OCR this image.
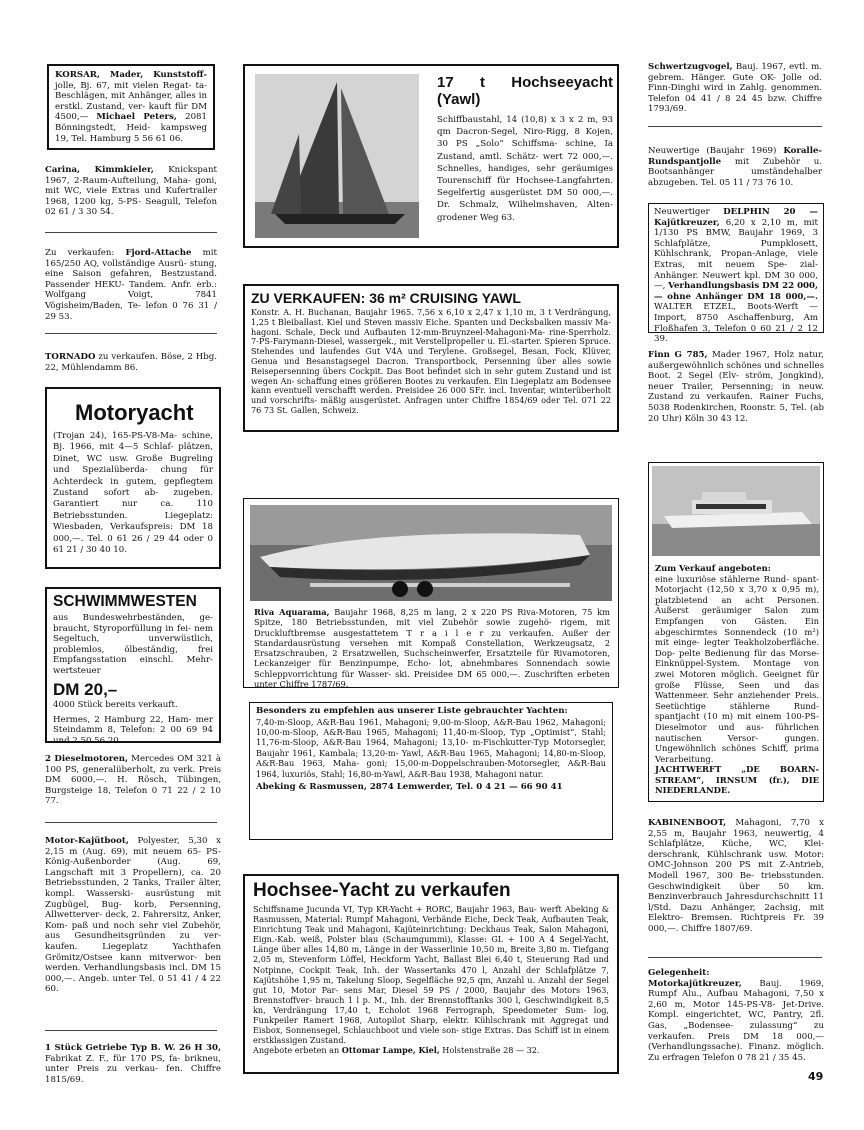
KORSAR, Mader, Kunststoff- jolle, Bj. 67, mit vielen Regat- ta-Beschlägen, mit Anhänger, alles in erstkl. Zustand, ver- kauft für DM 4500,— Michael Peters, 2081 Bönningstedt, Heid- kampsweg 19, Tel. Hamburg 5 56 61 06.
Carina, Kimmkieler, Knickspant 1967, 2-Raum-Aufteilung, Maha- goni, mit WC, viele Extras und Kufertrailer 1968, 1200 kg, 5-PS- Seagull, Telefon 02 61 / 3 30 54.
Zu verkaufen: Fjord-Attache mit 165/250 AQ, vollständige Ausrü- stung, eine Saison gefahren, Bestzustand. Passender HEKU- Tandem. Anfr. erb.: Wolfgang Voigt, 7841 Vögisheim/Baden, Te- lefon 0 76 31 / 29 53.
TORNADO zu verkaufen. Böse, 2 Hbg. 22, Mühlendamm 86.
Motoryacht

(Trojan 24), 165-PS-V8-Ma- schine, Bj. 1966, mit 4—5 Schlaf- plätzen, Dinet, WC usw. Große Bugreling und Spezialüberda- chung für Achterdeck in gutem, gepflegtem Zustand sofort ab- zugeben. Garantiert nur ca. 110 Betriebsstunden. Liegeplatz: Wiesbaden, Verkaufspreis: DM 18 000,—. Tel. 0 61 26 / 29 44 oder 0 61 21 / 30 40 10.

SCHWIMMWESTEN

aus Bundeswehrbeständen, ge- braucht, Styroporfüllung in fei- nem Segeltuch, unverwüstlich, problemlos, ölbeständig, frei Empfangsstation einschl. Mehr- wertsteuer

DM 20,–

4000 Stück bereits verkauft.

Hermes, 2 Hamburg 22, Ham- mer Steindamm 8, Telefon: 2 00 69 94 und 2 50 56 20.

2 Dieselmotoren, Mercedes OM 321 à 100 PS, generalüberholt, zu verk. Preis DM 6000,—. H. Rösch, Tübingen, Burgsteige 18, Telefon 0 71 22 / 2 10 77.
Motor-Kajütboot, Polyester, 5,30 x 2,15 m (Aug. 69), mit neuem 65- PS-König-Außenborder (Aug. 69, Langschaft mit 3 Propellern), ca. 20 Betriebsstunden, 2 Tanks, Trailer älter, kompl. Wasserski- ausrüstung mit Zugbügel, Bug- korb, Persenning, Allwetterver- deck, 2. Fahrersitz, Anker, Kom- paß und noch sehr viel Zubehör, aus Gesundheitsgründen zu ver- kaufen. Liegeplatz Yachthafen Grömitz/Ostsee kann mitverwor- ben werden. Verhandlungsbasis incl. DM 15 000,—. Angeb. unter Tel. 0 51 41 / 4 22 60.
1 Stück Getriebe Typ B. W. 26 H 30, Fabrikat Z. F., für 170 PS, fa- brikneu, unter Preis zu verkau- fen. Chiffre 1815/69.
17 t Hochseeyacht (Yawl)

Schiffbaustahl, 14 (10,8) x 3 x 2 m, 93 qm Dacron-Segel, Niro-Rigg, 8 Kojen, 30 PS „Solo“ Schiffsma- schine, Ia Zustand, amtl. Schätz- wert 72 000,—. Schnelles, handiges, sehr geräumiges Tourenschiff für Hochsee-Langfahrten. Segelfertig ausgerüstet DM 50 000,—. Dr. Schmalz, Wilhelmshaven, Alten- grodener Weg 63.

ZU VERKAUFEN: 36 m² CRUISING YAWL

Konstr. A. H. Buchanan, Baujahr 1965. 7,56 x 6,10 x 2,47 x 1,10 m, 3 t Verdrängung, 1,25 t Bleiballast. Kiel und Steven massiv Eiche. Spanten und Decksbalken massiv Ma- hagoni. Schale, Deck und Aufbauten 12-mm-Bruynzeel-Mahagoni-Ma- rine-Sperrholz. 7-PS-Farymann-Diesel, wassergek., mit Verstellpropeller u. El.-starter. Spieren Spruce. Stehendes und laufendes Gut V4A und Terylene. Großsegel, Besan, Fock, Klüver, Genua und Besanstagsegel Dacron. Transportbock, Persenning über alles sowie Reisepersenning übers Cockpit. Das Boot befindet sich in sehr gutem Zustand und ist wegen An- schaffung eines größeren Bootes zu verkaufen. Ein Liegeplatz am Bodensee kann eventuell verschafft werden. Preisidee 26 000 SFr. incl. Inventar, winterüberholt und vorschrifts- mäßig ausgerüstet. Anfragen unter Chiffre 1854/69 oder Tel. 071 22 76 73 St. Gallen, Schweiz.

Riva Aquarama, Baujahr 1968, 8,25 m lang, 2 x 220 PS Riva-Motoren, 75 km Spitze, 180 Betriebsstunden, mit viel Zubehör sowie zugehö- rigem, mit Druckluftbremse ausgestattetem T r a i l e r zu verkaufen. Außer der Standardausrüstung versehen mit Kompaß Constellation, Werkzeugsatz, 2 Ersatzschrauben, 2 Ersatzwellen, Suchscheinwerfer, Ersatzteile für Rivamotoren, Leckanzeiger für Benzinpumpe, Echo- lot, abnehmbares Sonnendach sowie Schleppvorrichtung für Wasser- ski. Preisidee DM 65 000,—. Zuschriften erbeten unter Chiffre 1787/69.
Besonders zu empfehlen aus unserer Liste gebrauchter Yachten:

7,40-m-Sloop, A&R-Bau 1961, Mahagoni; 9,00-m-Sloop, A&R-Bau 1962, Mahagoni; 10,00-m-Sloop, A&R-Bau 1965, Mahagoni; 11,40-m-Sloop, Typ „Optimist“, Stahl; 11,76-m-Sloop, A&R-Bau 1964, Mahagoni; 13,10- m-Fischkutter-Typ Motorsegler, Baujahr 1961, Kambala; 13,20-m- Yawl, A&R-Bau 1965, Mahagoni; 14,80-m-Sloop, A&R-Bau 1963, Maha- goni; 15,00-m-Doppelschrauben-Motorsegler, A&R-Bau 1964, luxuriös, Stahl; 16,80-m-Yawl, A&R-Bau 1938, Mahagoni natur.

Abeking & Rasmussen, 2874 Lemwerder, Tel. 0 4 21 — 66 90 41
Hochsee-Yacht zu verkaufen

Schiffsname Jucunda VI, Typ KR-Yacht + RORC, Baujahr 1963, Bau- werft Abeking & Rasmussen, Material: Rumpf Mahagoni, Verbände Eiche, Deck Teak, Aufbauten Teak, Einrichtung Teak und Mahagoni, Kajüteinrichtung: Deckhaus Teak, Salon Mahagoni, Eign.-Kab. weiß, Polster blau (Schaumgummi), Klasse: GL + 100 A 4 Segel-Yacht, Länge über alles 14,80 m, Länge in der Wasserlinie 10,50 m, Breite 3,80 m. Tiefgang 2,05 m, Stevenform Löffel, Heckform Yacht, Ballast Blei 6,40 t, Steuerung Rad und Notpinne, Cockpit Teak, Inh. der Wassertanks 470 l, Anzahl der Schlafplätze 7, Kajütshöhe 1,95 m, Takelung Sloop, Segelfläche 92,5 qm, Anzahl u. Anzahl der Segel gut 10, Motor Par- sens Mar, Diesel 59 PS / 2000, Baujahr des Motors 1963, Brennstoffver- brauch 1 l p. M., Inh. der Brennstofftanks 300 l, Geschwindigkeit 8,5 kn, Verdrängung 17,40 t, Echolot 1968 Ferrograph, Speedometer Sum- log, Funkpeiler Ramert 1968, Autopilot Sharp, elektr. Kühlschrank mit Aggregat und Eisbox, Sonnensegel, Schlauchboot und viele son- stige Extras. Das Schiff ist in einem erstklassigen Zustand.

Angebote erbeten an Ottomar Lampe, Kiel, Holstenstraße 28 — 32.

Schwertzugvogel, Bauj. 1967, evtl. m. gebrem. Hänger. Gute OK- Jolle od. Finn-Dinghi wird in Zahlg. genommen. Telefon 04 41 / 8 24 45 bzw. Chiffre 1793/69.
Neuwertige (Baujahr 1969) Koralle- Rundspantjolle mit Zubehör u. Bootsanhänger umständehalber abzugeben. Tel. 05 11 / 73 76 10.
Neuwertiger DELPHIN 20 — Kajütkreuzer, 6,20 x 2,10 m, mit 1/130 PS BMW, Baujahr 1969, 3 Schlafplätze, Pumpklosett, Kühlschrank, Propan-Anlage, viele Extras, mit neuem Spe- zial-Anhänger. Neuwert kpl. DM 30 000,—, Verhandlungsbasis DM 22 000,— ohne Anhänger DM 18 000,—. WALTER ETZEL, Boots-Werft — Import, 8750 Aschaffenburg, Am Floßhafen 3, Telefon 0 60 21 / 2 12 39.
Finn G 785, Mader 1967, Holz natur, außergewöhnlich schönes und schnelles Boot. 2 Segel (Elv- ström, Jongkind), neuer Trailer, Persenning; in neuw. Zustand zu verkaufen. Rainer Fuchs, 5038 Rodenkirchen, Roonstr. 5, Tel. (ab 20 Uhr) Köln 30 43 12.
Zum Verkauf angeboten:

eine luxuriöse stählerne Rund- spant-Motorjacht (12,50 x 3,70 x 0,95 m), platzbietend an acht Personen. Äußerst geräumiger Salon zum Empfangen von Gästen. Ein abgeschirmtes Sonnendeck (10 m²) mit einge- legter Teakholzoberfläche. Dop- pelte Bedienung für das Morse- Einknüppel-System. Montage von zwei Motoren möglich. Geeignet für große Flüsse, Seen und das Wattenmeer. Sehr anziehender Preis. Seetüchtige stählerne Rund- spantjacht (10 m) mit einem 100-PS-Dieselmotor und aus- führlichen nautischen Versor- gungen. Ungewöhnlich schönes Schiff, prima Verarbeitung.

JACHTWERFT „DE BOARN- STREAM“, IRNSUM (fr.), DIE NIEDERLANDE.
KABINENBOOT, Mahagoni, 7,70 x 2,55 m, Baujahr 1963, neuwertig, 4 Schlafplätze, Küche, WC, Klei- derschrank, Kühlschrank usw. Motor: OMC-Johnson 200 PS mit Z-Antrieb, Modell 1967, 300 Be- triebsstunden. Geschwindigkeit über 50 km. Benzinverbrauch Jahresdurchschnitt 11 l/Std. Dazu Anhänger, 2achsig, mit Elektro- Bremsen. Richtpreis Fr. 39 000,—. Chiffre 1807/69.
Gelegenheit:
Motorkajütkreuzer, Bauj. 1969, Rumpf Alu., Aufbau Mahagoni, 7,50 x 2,60 m, Motor 145-PS-V8- Jet-Drive. Kompl. eingerichtet, WC, Pantry, 2fl. Gas, „Bodensee- zulassung“ zu verkaufen. Preis DM 18 000,— (Verhandlungssache). Finanz. möglich. Zu erfragen Telefon 0 78 21 / 35 45.
49
